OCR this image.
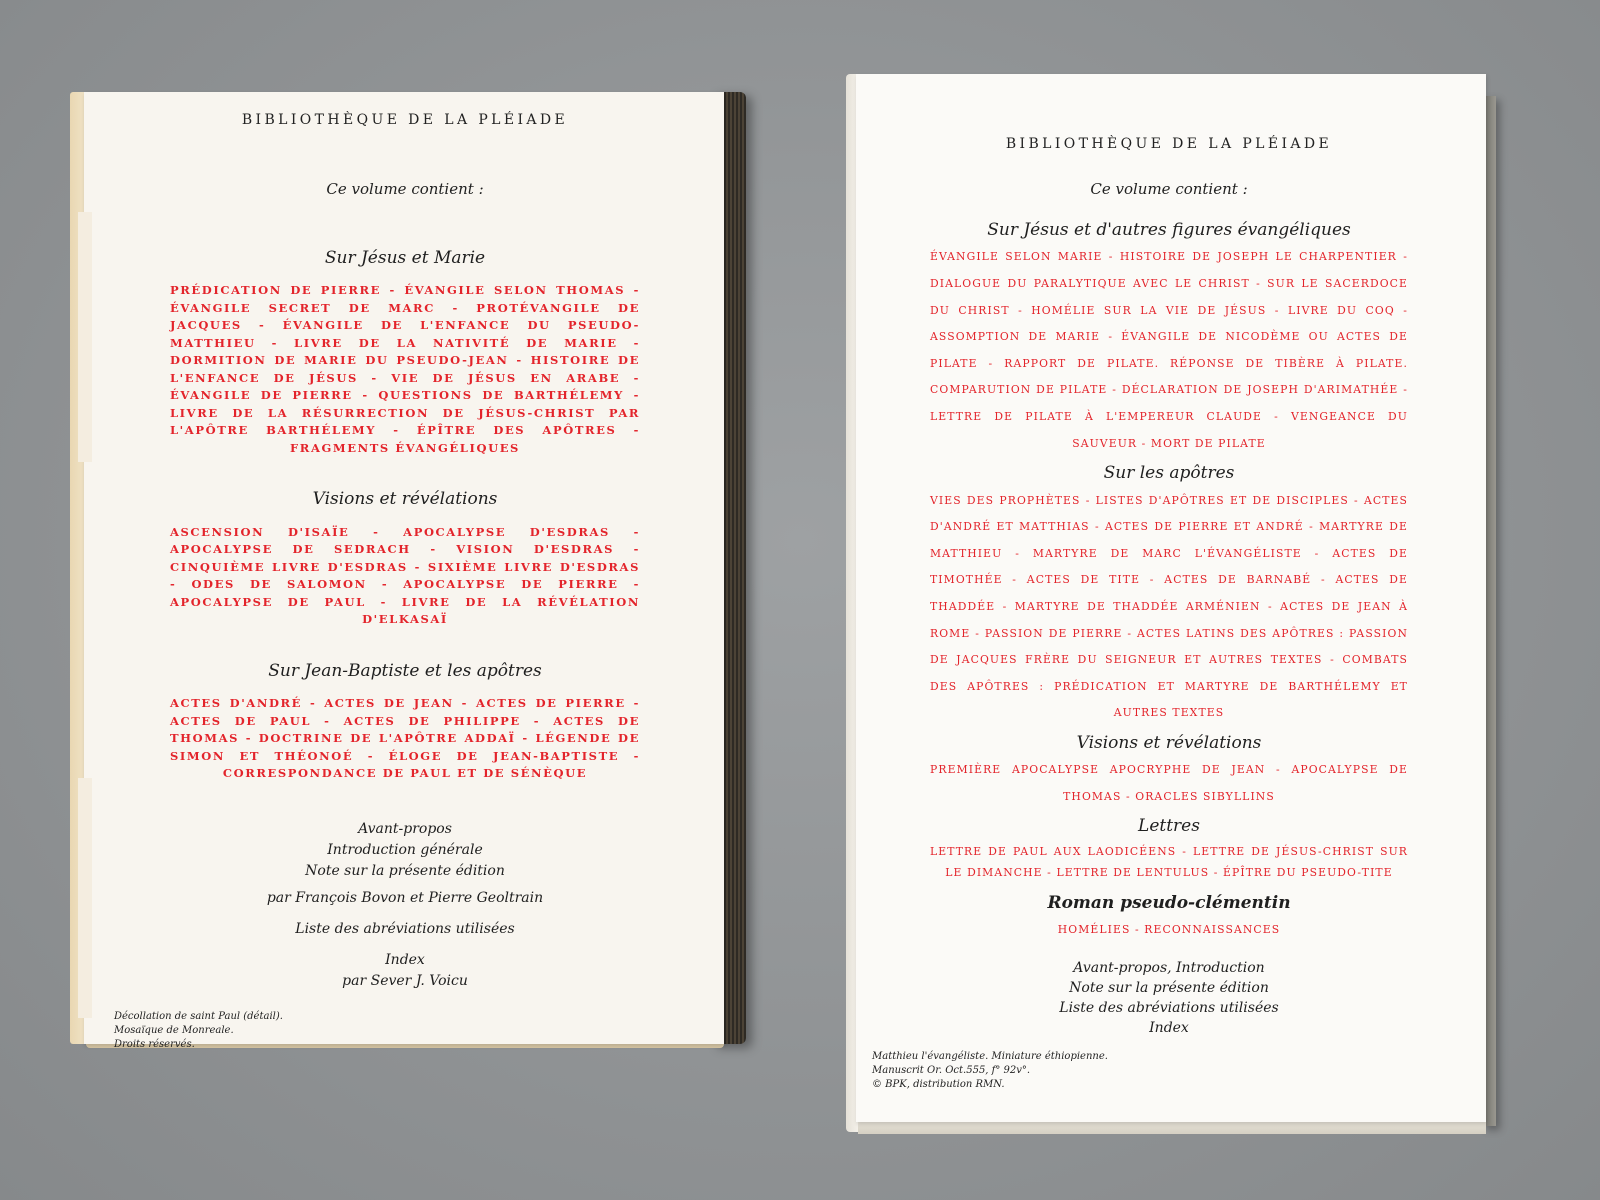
BIBLIOTHÈQUE DE LA PLÉIADE
Ce volume contient :
Sur Jésus et Marie
PRÉDICATION DE PIERRE - ÉVANGILE SELON THOMAS - ÉVANGILE SECRET DE MARC - PROTÉVANGILE DE JACQUES - ÉVANGILE DE L'ENFANCE DU PSEUDO-MATTHIEU - LIVRE DE LA NATIVITÉ DE MARIE - DORMITION DE MARIE DU PSEUDO-JEAN - HISTOIRE DE L'ENFANCE DE JÉSUS - VIE DE JÉSUS EN ARABE - ÉVANGILE DE PIERRE - QUESTIONS DE BARTHÉLEMY - LIVRE DE LA RÉSURRECTION DE JÉSUS-CHRIST PAR L'APÔTRE BARTHÉLEMY - ÉPÎTRE DES APÔTRES - FRAGMENTS ÉVANGÉLIQUES
Visions et révélations
ASCENSION D'ISAÏE - APOCALYPSE D'ESDRAS - APOCALYPSE DE SEDRACH - VISION D'ESDRAS - CINQUIÈME LIVRE D'ESDRAS - SIXIÈME LIVRE D'ESDRAS - ODES DE SALOMON - APOCALYPSE DE PIERRE - APOCALYPSE DE PAUL - LIVRE DE LA RÉVÉLATION D'ELKASAÏ
Sur Jean-Baptiste et les apôtres
ACTES D'ANDRÉ - ACTES DE JEAN - ACTES DE PIERRE - ACTES DE PAUL - ACTES DE PHILIPPE - ACTES DE THOMAS - DOCTRINE DE L'APÔTRE ADDAÏ - LÉGENDE DE SIMON ET THÉONOÉ - ÉLOGE DE JEAN-BAPTISTE - CORRESPONDANCE DE PAUL ET DE SÉNÈQUE
Avant-propos
Introduction générale
Note sur la présente édition
par François Bovon et Pierre Geoltrain
Liste des abréviations utilisées
Index
par Sever J. Voicu
Décollation de saint Paul (détail).
Mosaïque de Monreale.
Droits réservés.
BIBLIOTHÈQUE DE LA PLÉIADE
Ce volume contient :
Sur Jésus et d'autres figures évangéliques
ÉVANGILE SELON MARIE - HISTOIRE DE JOSEPH LE CHARPENTIER - DIALOGUE DU PARALYTIQUE AVEC LE CHRIST - SUR LE SACERDOCE DU CHRIST - HOMÉLIE SUR LA VIE DE JÉSUS - LIVRE DU COQ - ASSOMPTION DE MARIE - ÉVANGILE DE NICODÈME OU ACTES DE PILATE - RAPPORT DE PILATE. RÉPONSE DE TIBÈRE À PILATE. COMPARUTION DE PILATE - DÉCLARATION DE JOSEPH D'ARIMATHÉE - LETTRE DE PILATE À L'EMPEREUR CLAUDE - VENGEANCE DU SAUVEUR - MORT DE PILATE
Sur les apôtres
VIES DES PROPHÈTES - LISTES D'APÔTRES ET DE DISCIPLES - ACTES D'ANDRÉ ET MATTHIAS - ACTES DE PIERRE ET ANDRÉ - MARTYRE DE MATTHIEU - MARTYRE DE MARC L'ÉVANGÉLISTE - ACTES DE TIMOTHÉE - ACTES DE TITE - ACTES DE BARNABÉ - ACTES DE THADDÉE - MARTYRE DE THADDÉE ARMÉNIEN - ACTES DE JEAN À ROME - PASSION DE PIERRE - ACTES LATINS DES APÔTRES : PASSION DE JACQUES FRÈRE DU SEIGNEUR ET AUTRES TEXTES - COMBATS DES APÔTRES : PRÉDICATION ET MARTYRE DE BARTHÉLEMY ET AUTRES TEXTES
Visions et révélations
PREMIÈRE APOCALYPSE APOCRYPHE DE JEAN - APOCALYPSE DE THOMAS - ORACLES SIBYLLINS
Lettres
LETTRE DE PAUL AUX LAODICÉENS - LETTRE DE JÉSUS-CHRIST SUR LE DIMANCHE - LETTRE DE LENTULUS - ÉPÎTRE DU PSEUDO-TITE
Roman pseudo-clémentin
HOMÉLIES - RECONNAISSANCES
Avant-propos, Introduction
Note sur la présente édition
Liste des abréviations utilisées
Index
Matthieu l'évangéliste. Miniature éthiopienne.
Manuscrit Or. Oct.555, f° 92v°.
© BPK, distribution RMN.
